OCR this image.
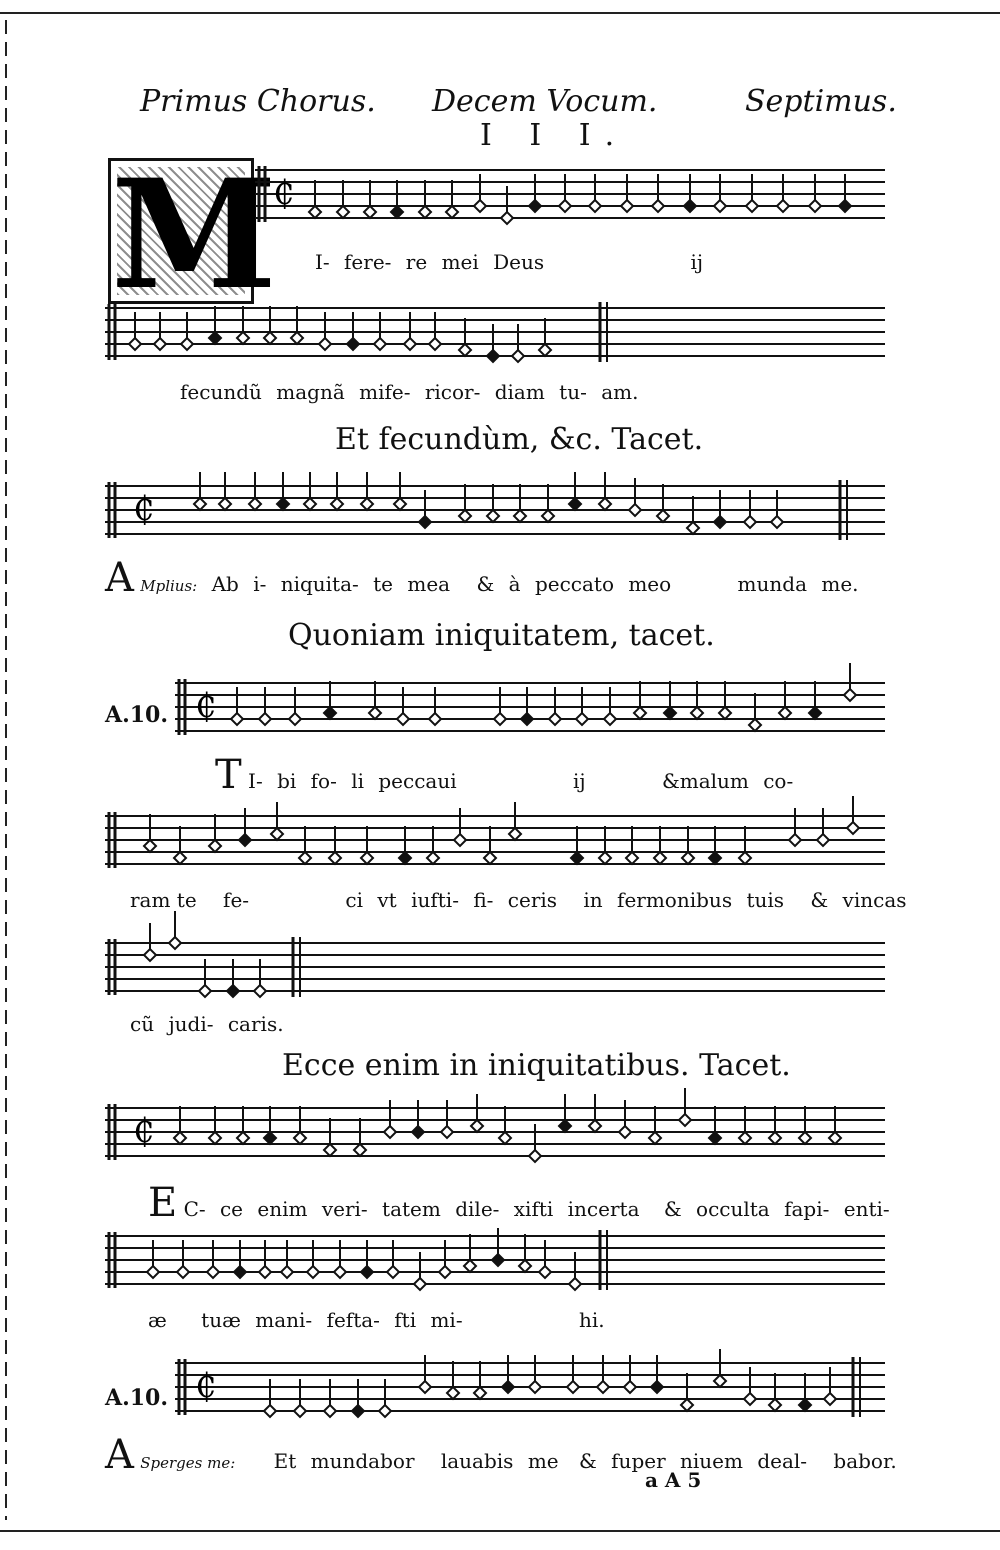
Primus Chorus. Decem Vocum.	Septimus.
I I I.
M
₵
I- fere- re mei Deus	ij
fecundũ magnã mife- ricor- diam tu- am.
Et fecundùm, &c. Tacet.
₵
A Mplius: Ab i- niquita- te mea & à peccato meo	munda me.
Quoniam iniquitatem, tacet.
A.10. ₵
T I- bi fo- li peccaui	ij	&malum co-
ram te fe-	ci vt iufti- fi- ceris in fermonibus tuis & vincas
cũ judi- caris.
Ecce enim in iniquitatibus. Tacet.
₵
E C- ce enim veri- tatem dile- xifti incerta & occulta fapi- enti-
æ tuæ mani- fefta- fti mi-	hi.
A.10. ₵
A Sperges me: Et mundabor lauabis me & fuper niuem deal- babor.
a A 5
